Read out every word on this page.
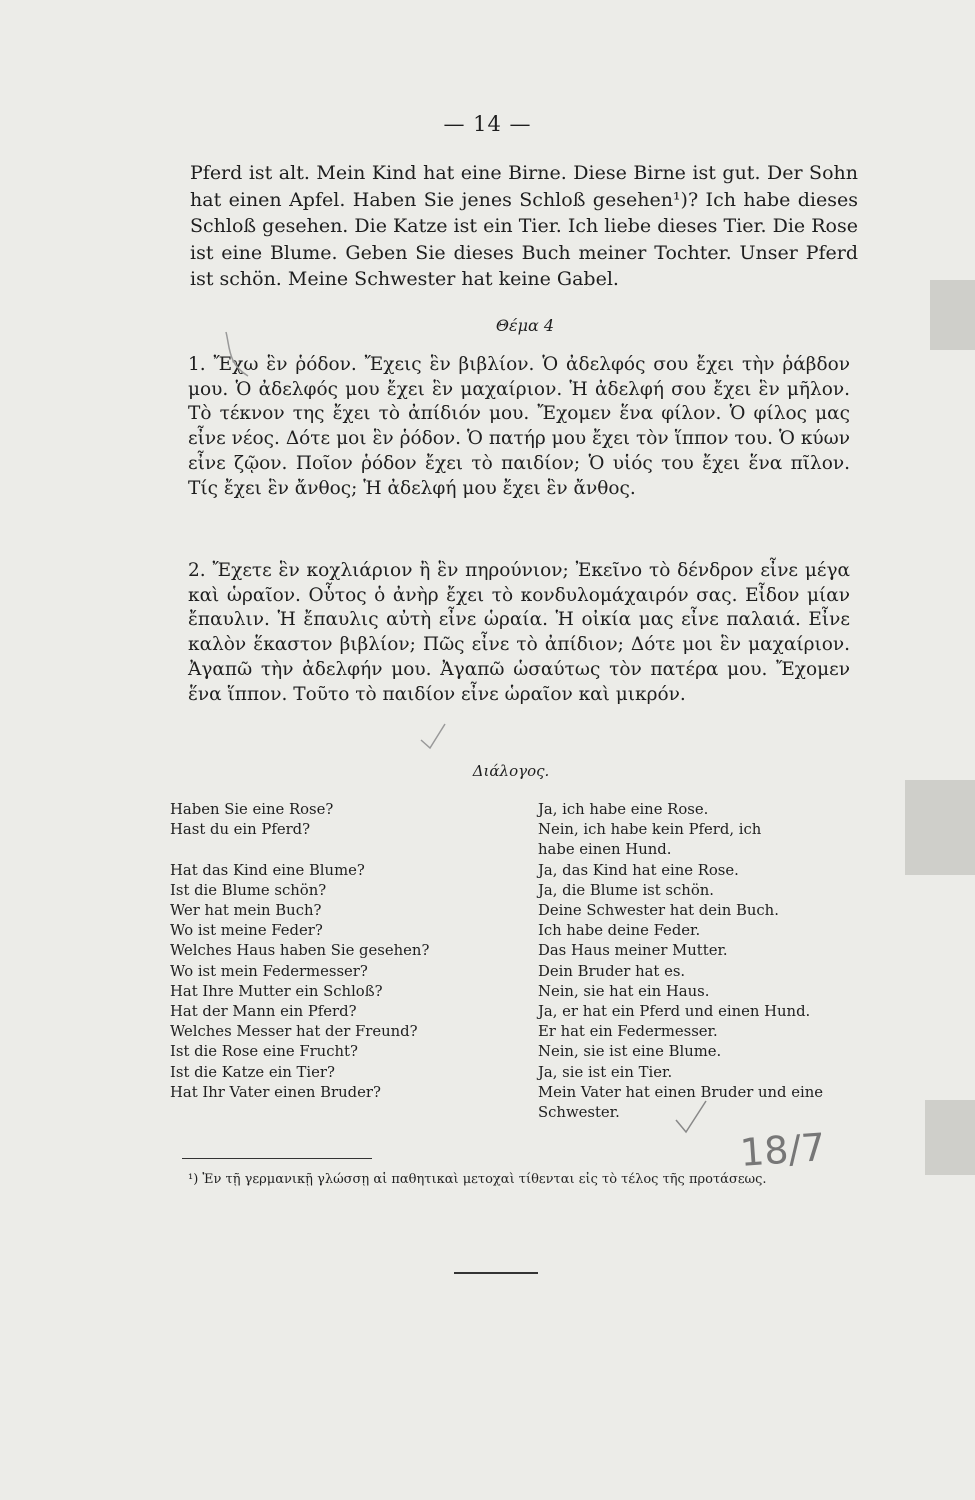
— 14 —
Pferd ist alt. Mein Kind hat eine Birne. Diese Birne ist gut. Der Sohn hat einen Apfel. Haben Sie jenes Schloß gesehen¹)? Ich habe dieses Schloß gesehen. Die Katze ist ein Tier. Ich liebe dieses Tier. Die Rose ist eine Blume. Geben Sie dieses Buch meiner Tochter. Unser Pferd ist schön. Meine Schwester hat keine Gabel.
Θέμα 4
1. Ἔχω ἓν ῥόδον. Ἔχεις ἓν βιβλίον. Ὁ ἀδελφός σου ἔχει τὴν ῥάβδον μου. Ὁ ἀδελφός μου ἔχει ἓν μαχαίριον. Ἡ ἀδελφή σου ἔχει ἓν μῆλον. Τὸ τέκνον της ἔχει τὸ ἀπίδιόν μου. Ἔχομεν ἕνα φίλον. Ὁ φίλος μας εἶνε νέος. Δότε μοι ἓν ῥόδον. Ὁ πατήρ μου ἔχει τὸν ἵππον του. Ὁ κύων εἶνε ζῷον. Ποῖον ῥόδον ἔχει τὸ παιδίον; Ὁ υἱός του ἔχει ἕνα πῖλον. Τίς ἔχει ἓν ἄνθος; Ἡ ἀδελφή μου ἔχει ἓν ἄνθος.
2. Ἔχετε ἓν κοχλιάριον ἢ ἓν πηρούνιον; Ἐκεῖνο τὸ δένδρον εἶνε μέγα καὶ ὡραῖον. Οὗτος ὁ ἀνὴρ ἔχει τὸ κονδυλομάχαιρόν σας. Εἶδον μίαν ἔπαυλιν. Ἡ ἔπαυλις αὐτὴ εἶνε ὡραία. Ἡ οἰκία μας εἶνε παλαιά. Εἶνε καλὸν ἕκαστον βιβλίον; Πῶς εἶνε τὸ ἀπίδιον; Δότε μοι ἓν μαχαίριον. Ἀγαπῶ τὴν ἀδελφήν μου. Ἀγαπῶ ὡσαύτως τὸν πατέρα μου. Ἔχομεν ἕνα ἵππον. Τοῦτο τὸ παιδίον εἶνε ὡραῖον καὶ μικρόν.
Διάλογος.
Haben Sie eine Rose?	Ja, ich habe eine Rose.
Hast du ein Pferd?	Nein, ich habe kein Pferd, ich habe einen Hund.
Hat das Kind eine Blume?	Ja, das Kind hat eine Rose.
Ist die Blume schön?	Ja, die Blume ist schön.
Wer hat mein Buch?	Deine Schwester hat dein Buch.
Wo ist meine Feder?	Ich habe deine Feder.
Welches Haus haben Sie gesehen?	Das Haus meiner Mutter.
Wo ist mein Federmesser?	Dein Bruder hat es.
Hat Ihre Mutter ein Schloß?	Nein, sie hat ein Haus.
Hat der Mann ein Pferd?	Ja, er hat ein Pferd und einen Hund.
Welches Messer hat der Freund?	Er hat ein Federmesser.
Ist die Rose eine Frucht?	Nein, sie ist eine Blume.
Ist die Katze ein Tier?	Ja, sie ist ein Tier.
Hat Ihr Vater einen Bruder?	Mein Vater hat einen Bruder und eine Schwester.
18/7
¹) Ἐν τῇ γερμανικῇ γλώσσῃ αἱ παθητικαὶ μετοχαὶ τίθενται εἰς τὸ τέλος τῆς προτάσεως.
